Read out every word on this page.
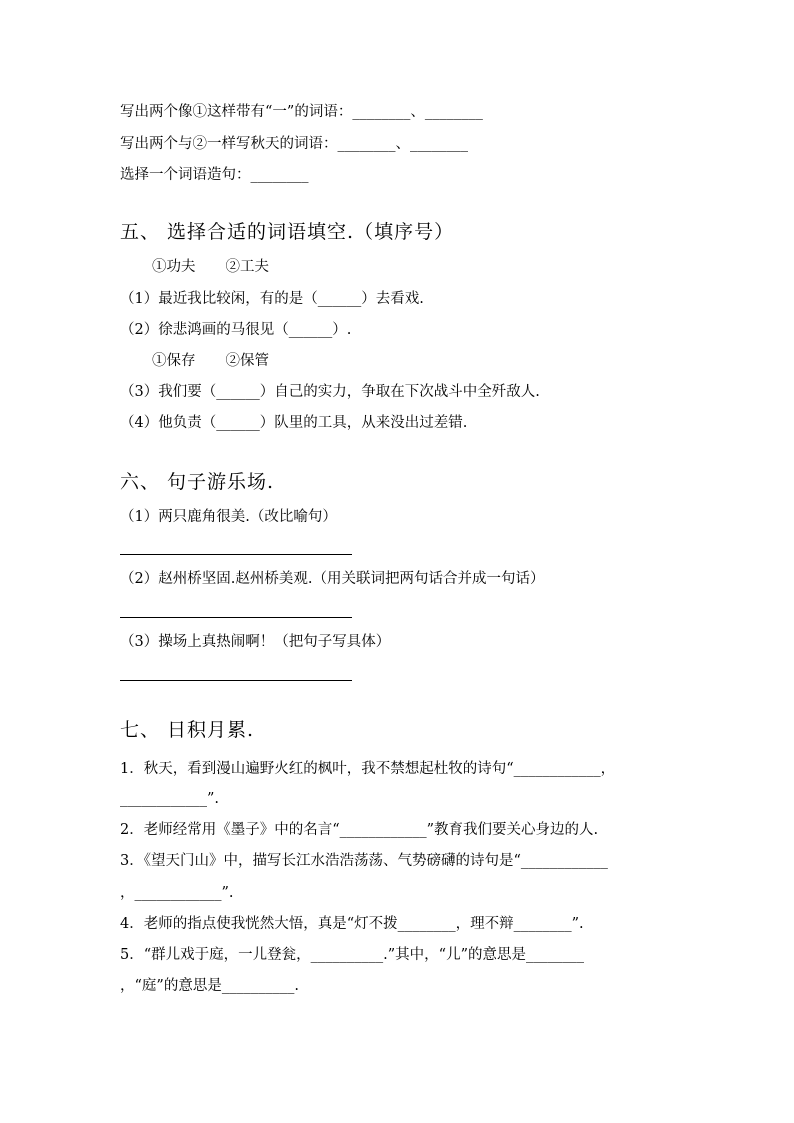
写出两个像①这样带有“一”的词语：________、________
写出两个与②一样写秋天的词语：________、________
选择一个词语造句：________
五、 选择合适的词语填空.（填序号）
①功夫 ②工夫
（1）最近我比较闲，有的是（______）去看戏.
（2）徐悲鸿画的马很见（______）.
①保存 ②保管
（3）我们要（______）自己的实力，争取在下次战斗中全歼敌人.
（4）他负责（______）队里的工具，从来没出过差错.
六、 句子游乐场.
（1）两只鹿角很美.（改比喻句）
（2）赵州桥坚固.赵州桥美观.（用关联词把两句话合并成一句话）
（3）操场上真热闹啊！（把句子写具体）
七、 日积月累.
1．秋天，看到漫山遍野火红的枫叶，我不禁想起杜牧的诗句“____________，
____________”.
2．老师经常用《墨子》中的名言“____________”教育我们要关心身边的人.
3．《望天门山》中，描写长江水浩浩荡荡、气势磅礴的诗句是“____________
，____________”.
4．老师的指点使我恍然大悟，真是“灯不拨________，理不辩________”.
5．“群儿戏于庭，一儿登瓮，__________.”其中，“儿”的意思是________
，“庭”的意思是__________.
